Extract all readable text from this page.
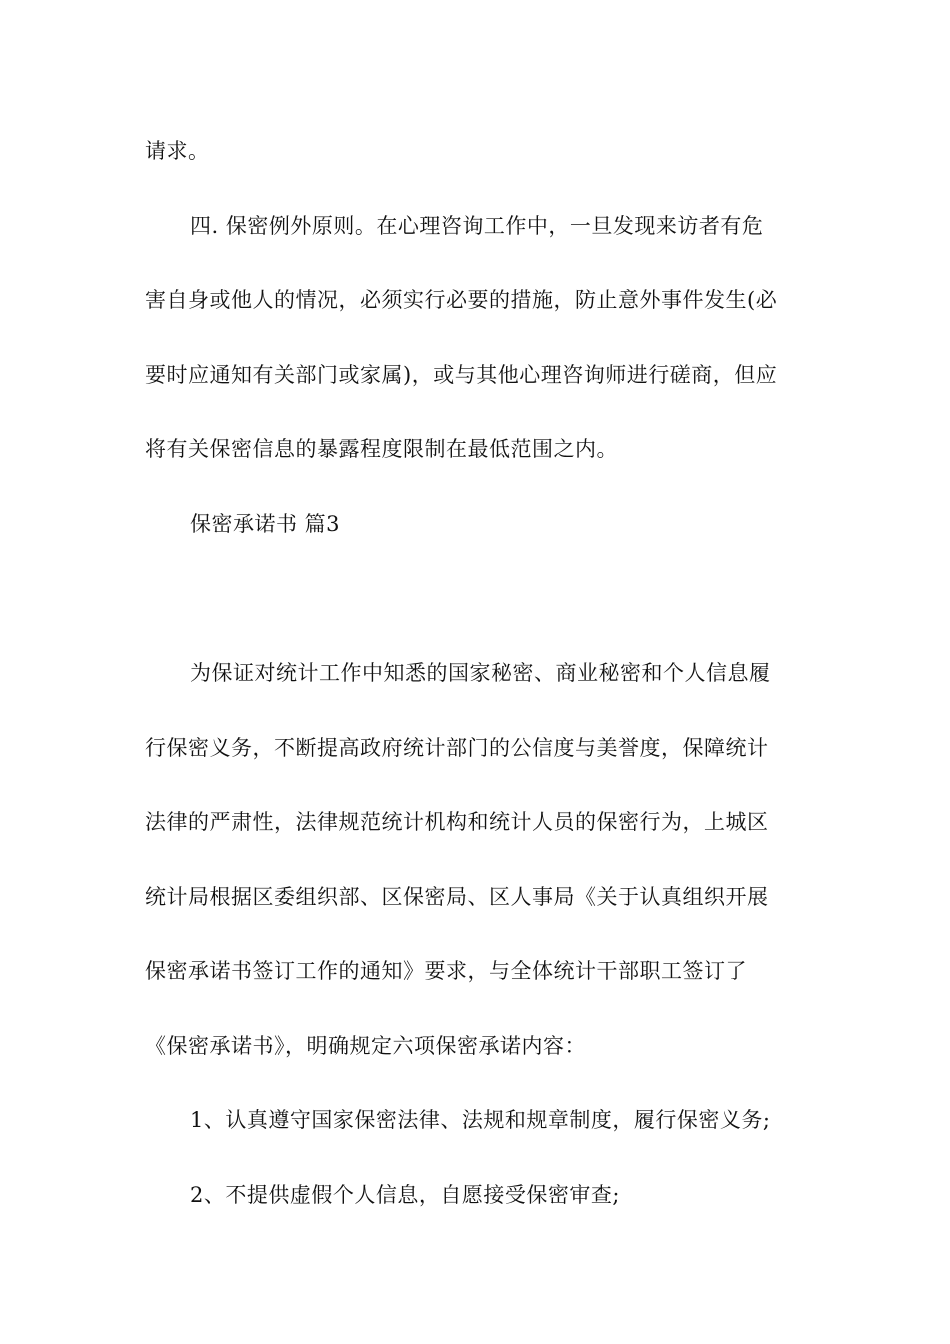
请求。
四. 保密例外原则。在心理咨询工作中，一旦发现来访者有危
害自身或他人的情况，必须实行必要的措施，防止意外事件发生(必
要时应通知有关部门或家属)，或与其他心理咨询师进行磋商，但应
将有关保密信息的暴露程度限制在最低范围之内。
保密承诺书 篇3
为保证对统计工作中知悉的国家秘密、商业秘密和个人信息履
行保密义务，不断提高政府统计部门的公信度与美誉度，保障统计
法律的严肃性，法律规范统计机构和统计人员的保密行为，上城区
统计局根据区委组织部、区保密局、区人事局《关于认真组织开展
保密承诺书签订工作的通知》要求，与全体统计干部职工签订了
《保密承诺书》，明确规定六项保密承诺内容：
1、认真遵守国家保密法律、法规和规章制度，履行保密义务;
2、不提供虚假个人信息，自愿接受保密审查;
